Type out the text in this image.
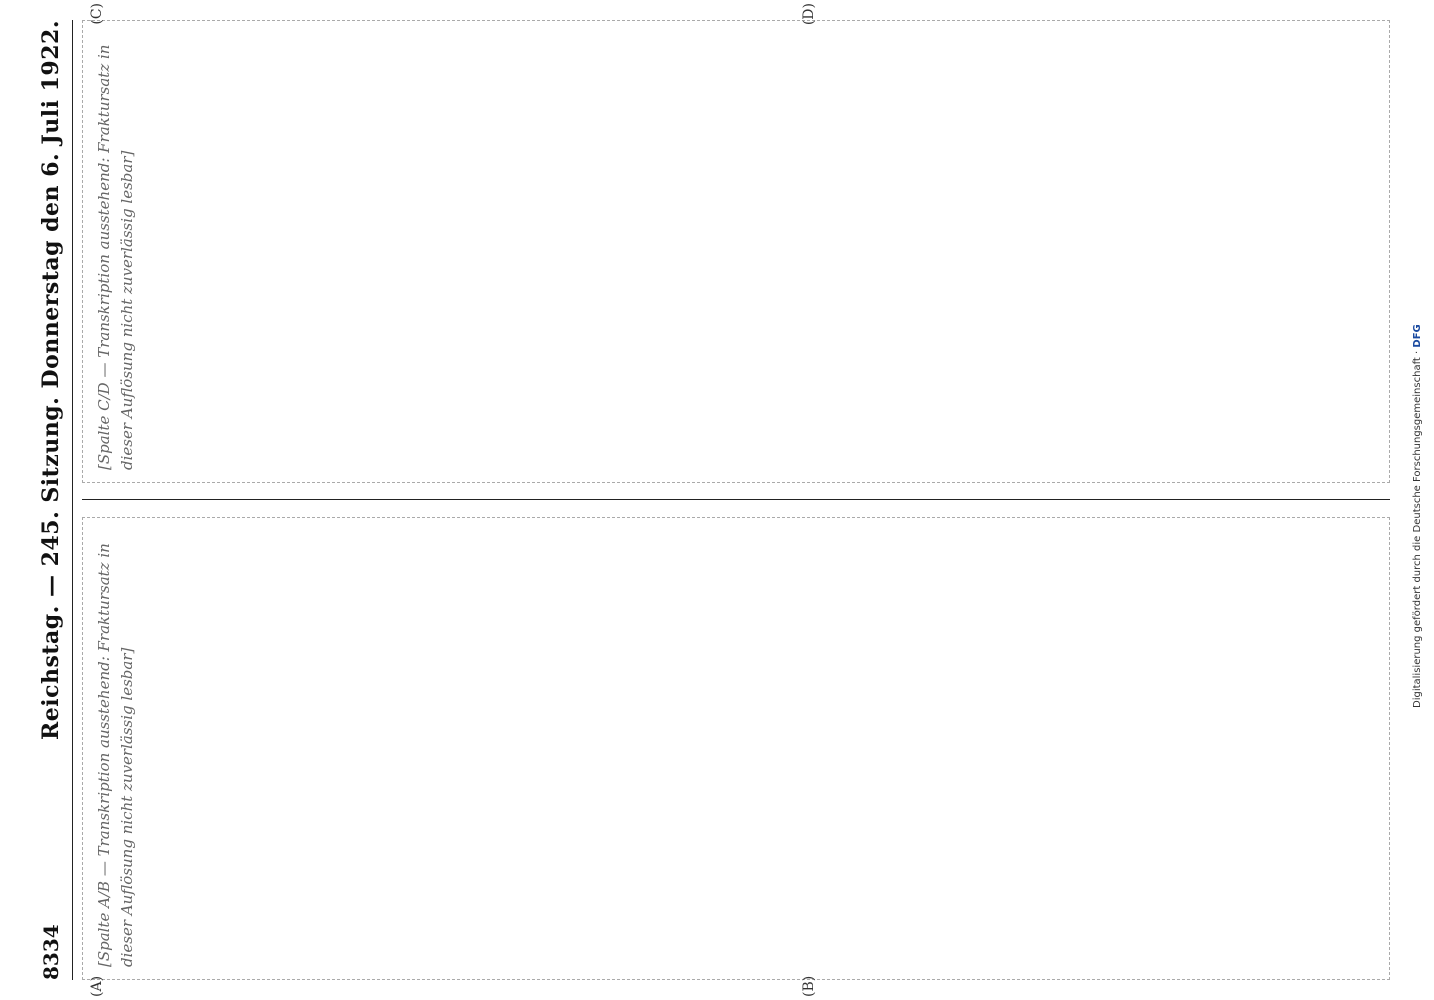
8334
Reichstag. — 245. Sitzung. Donnerstag den 6. Juli 1922.
(A)	(B)
[Spalte A/B — Transkription ausstehend: Fraktursatz in dieser Auflösung nicht zuverlässig lesbar]
(C)	(D)
[Spalte C/D — Transkription ausstehend: Fraktursatz in dieser Auflösung nicht zuverlässig lesbar]
Digitalisierung gefördert durch die Deutsche Forschungsgemeinschaft · DFG
